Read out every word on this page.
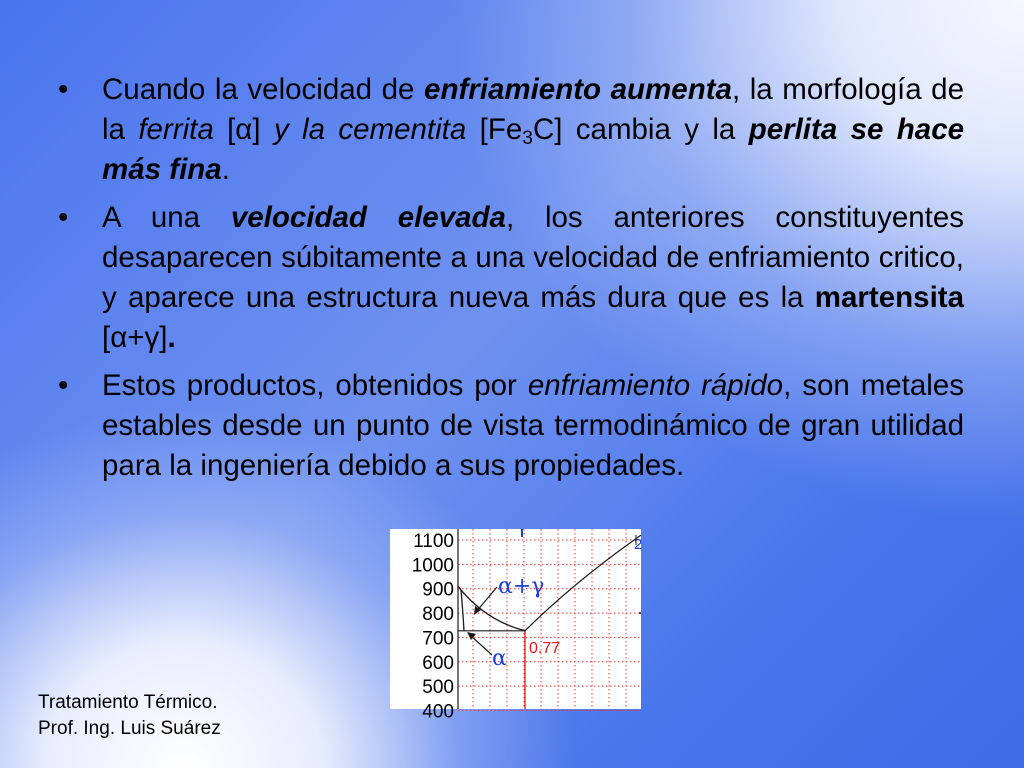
• Cuando la velocidad de enfriamiento aumenta, la morfología de la ferrita [α] y la cementita $[Fe_3C]$ cambia y la perlita se hace más fina.
• A una velocidad elevada, los anteriores constituyentes desaparecen súbitamente a una velocidad de enfriamiento critico, y aparece una estructura nueva más dura que es la martensita [α+γ].
• Estos productos, obtenidos por enfriamiento rápido, son metales estables desde un punto de vista termodinámico de gran utilidad para la ingeniería debido a sus propiedades.
1100
1000
900
800
700
600
500
400
2
α+γ
α 0.77
Tratamiento Térmico.
Prof. Ing. Luis Suárez
